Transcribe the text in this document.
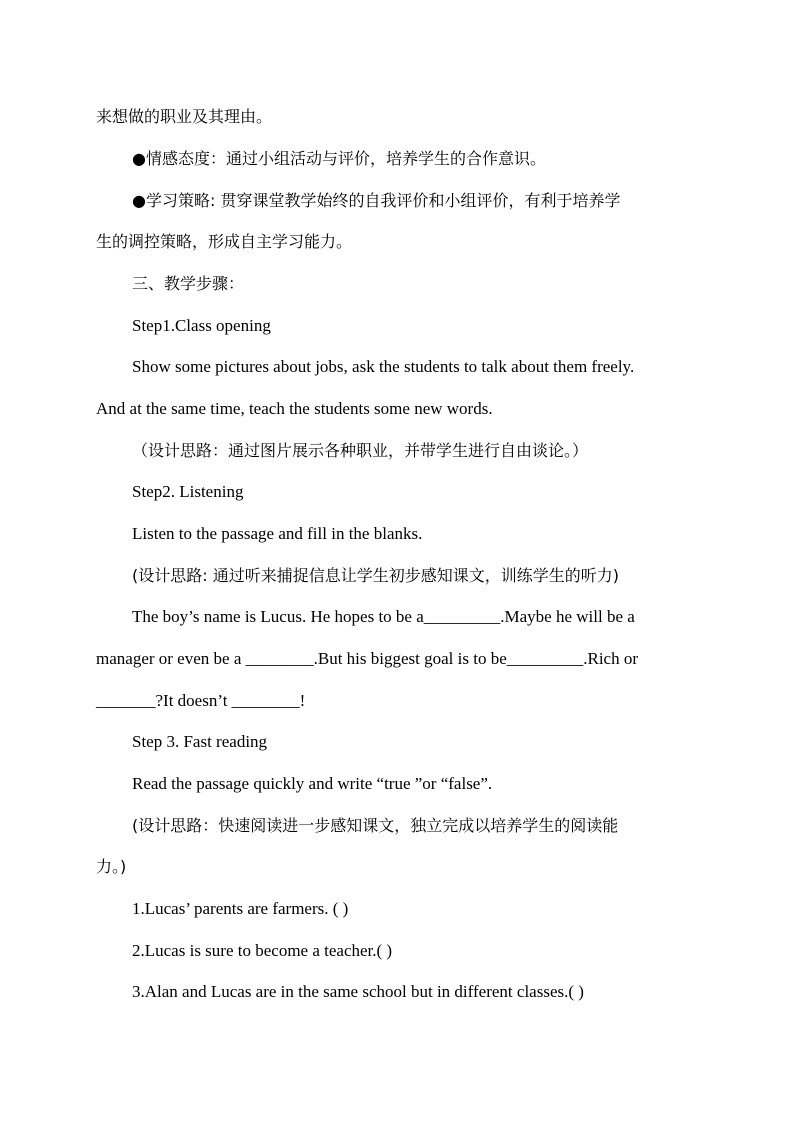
来想做的职业及其理由。
●情感态度：通过小组活动与评价，培养学生的合作意识。
●学习策略: 贯穿课堂教学始终的自我评价和小组评价，有利于培养学
生的调控策略，形成自主学习能力。
三、教学步骤：
Step1.Class opening
Show some pictures about jobs, ask the students to talk about them freely.
And at the same time, teach the students some new words.
（设计思路：通过图片展示各种职业，并带学生进行自由谈论。）
Step2. Listening
Listen to the passage and fill in the blanks.
(设计思路: 通过听来捕捉信息让学生初步感知课文，训练学生的听力)
The boy’s name is Lucus. He hopes to be a_________.Maybe he will be a
manager or even be a ________.But his biggest goal is to be_________.Rich or
_______?It doesn’t ________!
Step 3. Fast reading
Read the passage quickly and write “true ”or “false”.
(设计思路：快速阅读进一步感知课文，独立完成以培养学生的阅读能
力。)
1.Lucas’ parents are farmers. ( )
2.Lucas is sure to become a teacher.( )
3.Alan and Lucas are in the same school but in different classes.( )
